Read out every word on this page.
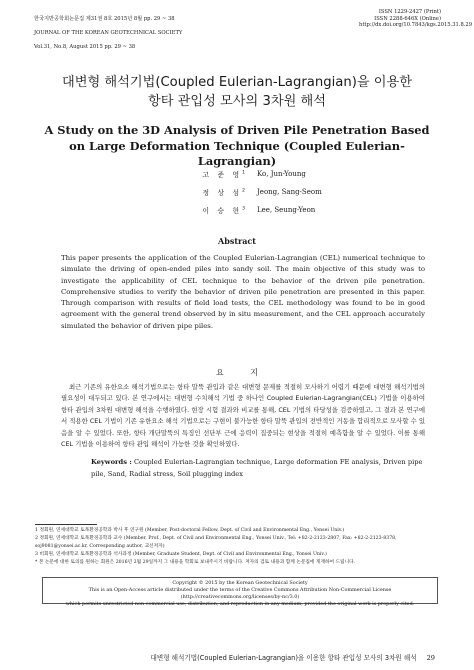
한국지반공학회논문집 제31권 8호 2015년 8월 pp. 29 ~ 38

JOURNAL OF THE KOREAN GEOTECHNICAL SOCIETY

Vol.31, No.8, August 2015 pp. 29 ~ 38

ISSN 1229-2427 (Print)
ISSN 2288-646X (Online)
http://dx.doi.org/10.7843/kgs.2015.31.8.29
대변형 해석기법(Coupled Eulerian-Lagrangian)을 이용한
항타 관입성 모사의 3차원 해석
A Study on the 3D Analysis of Driven Pile Penetration Based
on Large Deformation Technique (Coupled Eulerian-Lagrangian)
고 준 영$^1$ Ko, Jun-Young
정 상 섬$^2$ Jeong, Sang-Seom
이 승 현$^3$ Lee, Seung-Yeon
Abstract
This paper presents the application of the Coupled Eulerian-Lagrangian (CEL) numerical technique to simulate the driving of open-ended piles into sandy soil. The main objective of this study was to investigate the applicability of CEL technique to the behavior of the driven pile penetration. Comprehensive studies to verify the behavior of driven pile penetration are presented in this paper. Through comparison with results of field load tests, the CEL methodology was found to be in good agreement with the general trend observed by in situ measurement, and the CEL approach accurately simulated the behavior of driven pipe piles.
요 지
최근 기존의 유한요소 해석기법으로는 항타 말뚝 관입과 같은 대변형 문제를 적절히 모사하기 어렵기 때문에 대변형 해석기법의 필요성이 대두되고 있다. 본 연구에서는 대변형 수치해석 기법 중 하나인 Coupled Eulerian-Lagrangian(CEL) 기법을 이용하여 항타 관입의 3차원 대변형 해석을 수행하였다. 현장 시험 결과와 비교를 통해, CEL 기법의 타당성을 검증하였고, 그 결과 본 연구에서 적용한 CEL 기법이 기존 유한요소 해석 기법으로는 구현이 불가능한 항타 말뚝 관입의 전반적인 거동을 합리적으로 모사할 수 있음을 알 수 있었다. 또한, 항타 개단말뚝의 특징인 선단부 근에 응력이 집중되는 현상을 적절히 예측함을 알 수 있었다. 이를 통해 CEL 기법을 이용하여 항타 관입 해석이 가능한 것을 확인하였다.
Keywords : Coupled Eulerian-Lagrangian technique, Large deformation FE analysis, Driven pipe pile, Sand, Radial stress, Soil plugging index
1 정회원, 연세대학교 토목환경공학과 박사 후 연구원 (Member, Post-doctoral Fellow, Dept. of Civil and Environmental Eng., Yonsei Univ.)
2 정회원, 연세대학교 토목환경공학과 교수 (Member, Prof., Dept. of Civil and Environmental Eng., Yonsei Univ., Tel: +82-2-2123-2807, Fax: +82-2-2123-8378,
soj9081@yonsei.ac.kr, Corresponding author, 교신저자)
3 비회원, 연세대학교 토목환경공학과 석사과정 (Member, Graduate Student, Dept. of Civil and Environmental Eng., Yonsei Univ.)
* 본 논문에 대한 토의를 원하는 회원은 2016년 2월 29일까지 그 내용을 학회로 보내주시기 바랍니다. 저자의 검토 내용과 함께 논문집에 게재하여 드립니다.
Copyright © 2015 by the Korean Geotechnical Society
This is an Open-Access article distributed under the terms of the Creative Commons Attribution Non-Commercial License (http://creativecommons.org/licenses/by-nc/3.0)
which permits unrestricted non-commercial use, distribution, and reproduction in any medium, provided the original work is properly cited.
대변형 해석기법(Coupled Eulerian-Lagrangian)을 이용한 항타 관입성 모사의 3차원 해석 29
